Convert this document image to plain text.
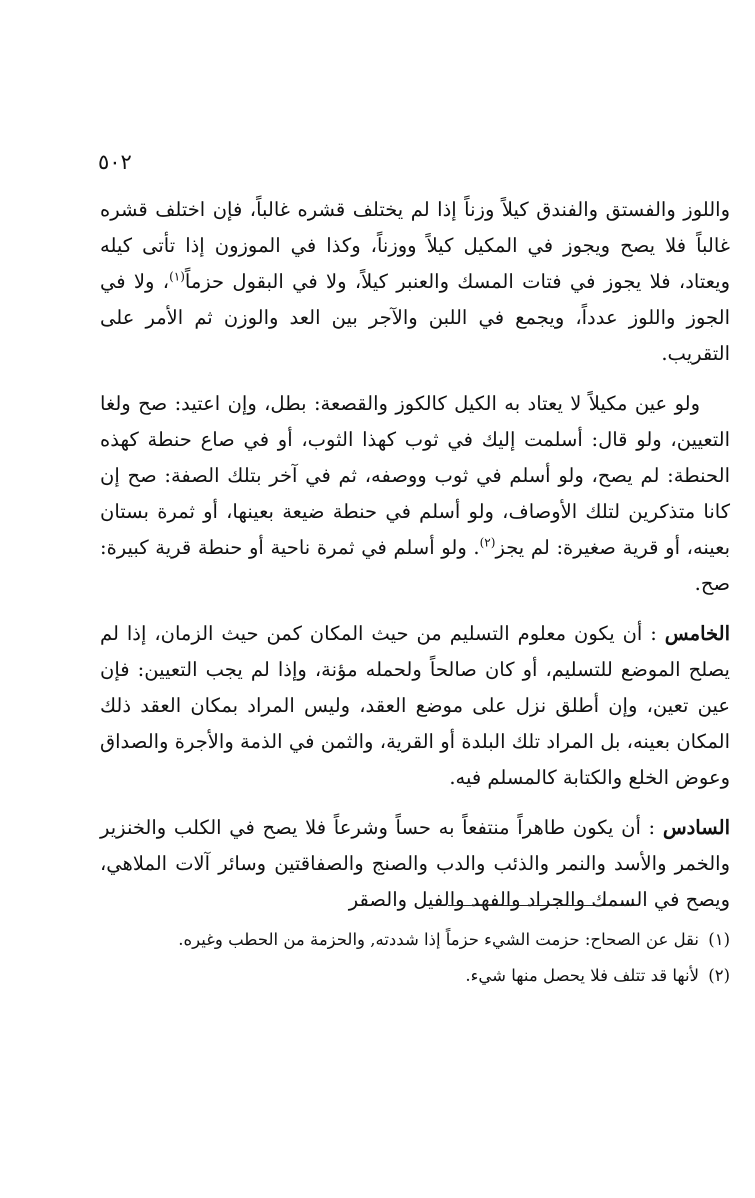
٥٠٢

واللوز والفستق والفندق كيلاً وزناً إذا لم يختلف قشره غالباً، فإن اختلف قشره غالباً فلا يصح ويجوز في المكيل كيلاً ووزناً، وكذا في الموزون إذا تأتى كيله ويعتاد، فلا يجوز في فتات المسك والعنبر كيلاً، ولا في البقول حزماً$^{(١)}$، ولا في الجوز واللوز عدداً، ويجمع في اللبن والآجر بين العد والوزن ثم الأمر على التقريب.

ولو عين مكيلاً لا يعتاد به الكيل كالكوز والقصعة: بطل، وإن اعتيد: صح ولغا التعيين، ولو قال: أسلمت إليك في ثوب كهذا الثوب، أو في صاع حنطة كهذه الحنطة: لم يصح، ولو أسلم في ثوب ووصفه، ثم في آخر بتلك الصفة: صح إن كانا متذكرين لتلك الأوصاف، ولو أسلم في حنطة ضيعة بعينها، أو ثمرة بستان بعينه، أو قرية صغيرة: لم يجز$^{(٢)}$. ولو أسلم في ثمرة ناحية أو حنطة قرية كبيرة: صح.

الخامس : أن يكون معلوم التسليم من حيث المكان كمن حيث الزمان، إذا لم يصلح الموضع للتسليم، أو كان صالحاً ولحمله مؤنة، وإذا لم يجب التعيين: فإن عين تعين، وإن أطلق نزل على موضع العقد، وليس المراد بمكان العقد ذلك المكان بعينه، بل المراد تلك البلدة أو القرية، والثمن في الذمة والأجرة والصداق وعوض الخلع والكتابة كالمسلم فيه.

السادس : أن يكون طاهراً منتفعاً به حساً وشرعاً فلا يصح في الكلب والخنزير والخمر والأسد والنمر والذئب والدب والصنج والصفاقتين وسائر آلات الملاهي، ويصح في السمك والجراد والفهد والفيل والصقر

(١) نقل عن الصحاح: حزمت الشيء حزماً إذا شددته, والحزمة من الحطب وغيره.

(٢) لأنها قد تتلف فلا يحصل منها شيء.
